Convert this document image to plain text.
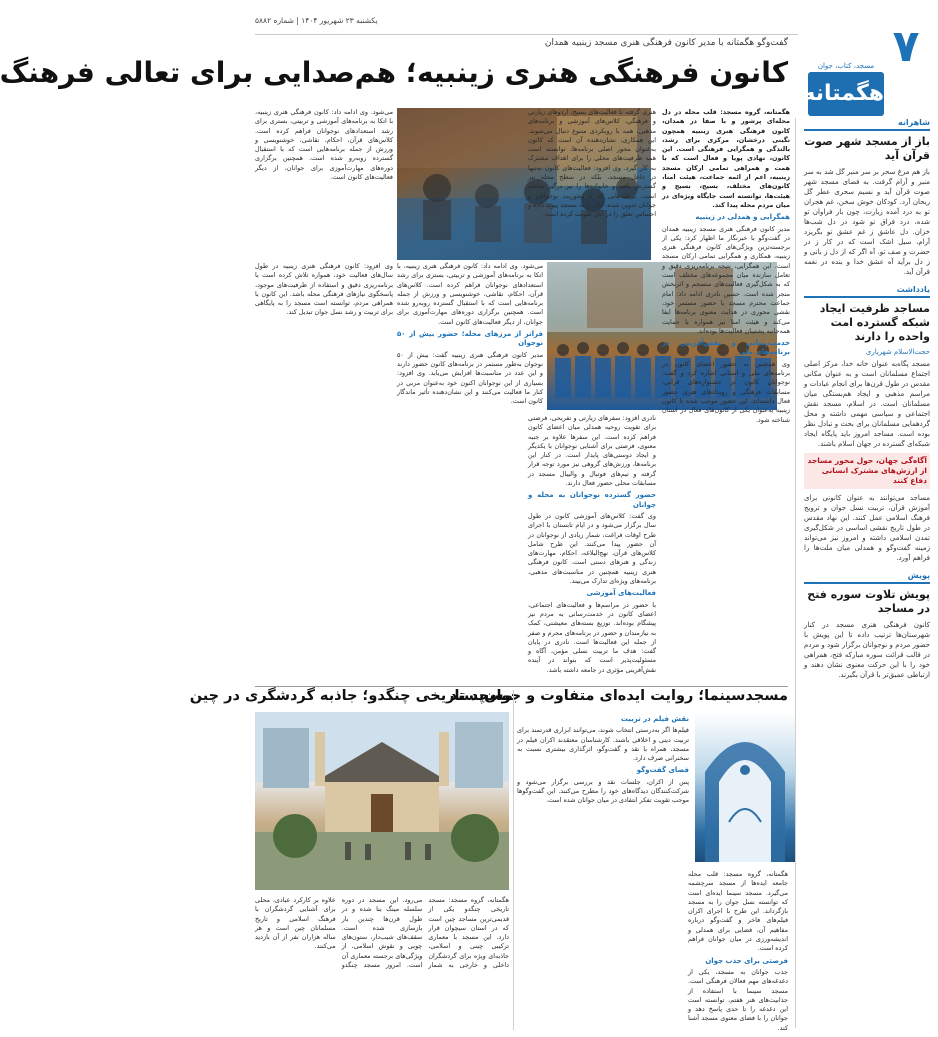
یکشنبه ۲۳ شهریور ۱۴۰۴ | شماره ۵۸۸۲
گفت‌وگو هگمتانه با مدیر کانون فرهنگی هنری مسجد زینبیه همدان ۷
مسجد، کتاب، جوان
هگمتانه
کانون فرهنگی هنری زینبیه؛ هم‌صدایی برای تعالی فرهنگ
شاهرانه
باز از مسجد شهر صوت قرآن آید
باز هم مرغ سحر بر سر منبر گل شد به سر منبر و آرام گرفت. به فضای مسجد شهر صوت قرآن آید و نسیم سحری عطر گل ریحان آرد. کودکان خوش سخن، غم هجران تو به درد آمده زیارت، چون بار فراوان تو شده، درد فراق تو شود در دل شب‌ها خزان. دل عاشق ز غم عشق تو بگریزد آرام، سیل اشک است که در کار ز در حضرت و صف تو. آه اگر که از دل ز بانی و ز دل برآید آه عشق خدا و بنده در نغمه قرآن آید.
یادداشت
مساجد ظرفیت ایجاد شبکه گسترده امت واحده را دارند
حجت‌الاسلام شهریاری
مسجد پگاه‌به عنوان خانه خدا، مرکز اصلی اجتماع مسلمانان است و به عنوان مکانی مقدس در طول قرن‌ها برای انجام عبادات و مراسم مذهبی و ایجاد هم‌بستگی میان مسلمانان است. در اسلام، مسجد نقش اجتماعی و سیاسی مهمی داشته و محل گردهمایی مسلمانان برای بحث و تبادل نظر بوده است. مساجد امروز باید پایگاه ایجاد شبکه‌ای گسترده در جهان اسلام باشند.
آگاه‌گی جهان، حول محور مساجد از ارزش‌های مشترک انسانی دفاع کنند
مساجد می‌توانند به عنوان کانونی برای آموزش قرآن، تربیت نسل جوان و ترویج فرهنگ اسلامی عمل کنند. این نهاد مقدس در طول تاریخ نقشی اساسی در شکل‌گیری تمدن اسلامی داشته و امروز نیز می‌تواند زمینه گفت‌وگو و همدلی میان ملت‌ها را فراهم آورد.
پویش
پویش تلاوت سوره فتح در مساجد
کانون فرهنگی هنری مسجد در کنار شهرستان‌ها ترتیب داده تا این پویش با حضور مردم و نوجوانان برگزار شود و مردم در قالب قرائت سوره مبارکه فتح، همراهی خود را با این حرکت معنوی نشان دهند و ارتباطی عمیق‌تر با قرآن بگیرند.
هگمتانه، گروه مسجد: قلب محله در دل محله‌ای پرشور و با صفا در همدان، کانون فرهنگی هنری زینبیه همچون نگینی درخشان، مرکزی برای رشد، بالندگی و همگرایی فرهنگی است. این کانون، نهادی پویا و فعال است که با همت و همراهی تمامی ارکان مسجد زینبیه، اعم از ائمه جماعت، هیئت امنا، کانون‌های مختلف، بسیج، بسیج و هیئت‌ها، توانسته است جایگاه ویژه‌ای در میان مردم محله پیدا کند.
همگرایی و همدلی در زینبیه
مدیر کانون فرهنگی هنری مسجد زینبیه همدان در گفت‌وگو با خبرنگار ما اظهار کرد: یکی از برجسته‌ترین ویژگی‌های کانون فرهنگی هنری زینبیه، همکاری و همگرایی تمامی ارکان مسجد است. این همگرایی، نتیجه برنامه‌ریزی دقیق و تعامل سازنده میان مجموعه‌های مختلف است که به شکل‌گیری فعالیت‌های منسجم و اثربخش منجر شده است. حسین نادری ادامه داد: امام جماعت محترم مسجد با حضور مستمر خود، نقشی محوری در هدایت معنوی برنامه‌ها ایفا می‌کند و هیئت امنا نیز همواره با حمایت همه‌جانبه پشتیبان فعالیت‌ها بوده‌اند.
خدمت‌رسانی و نقش‌آفرینی در برنامه‌های ملی
وی همچنین به حضور اعضای کانون در برنامه‌های ملی و استانی اشاره کرد و گفت: نوجوانان کانون در جشنواره‌های قرآنی، مسابقات فرهنگی و رویدادهای هنری حضور فعال داشته‌اند. این حضور موجب شده تا کانون زینبیه به‌عنوان یکی از کانون‌های فعال در استان شناخته شود.
هنری گرفته تا فعالیت‌های بسیج، اردوهای زیارتی و فرهنگی، کلاس‌های آموزشی و برنامه‌های مذهبی، همه با رویکردی متنوع دنبال می‌شوند. این همکاری، نشان‌دهنده آن است که کانون به‌عنوان محور اصلی برنامه‌ها، توانسته است همه ظرفیت‌های محلی را برای اهداف مشترک به کار گیرد. وی افزود: فعالیت‌های کانون نه‌تنها در داخل مسجد، بلکه در سطح محله نیز گسترش یافته و خانواده‌ها را نیز درگیر ساخته است. برنامه‌هایی که با محوریت نوجوانان و جوانان تدوین شده، آنان را به مسجد پیوند داده و احساس تعلق را در آنان تقویت کرده است.
نادری افزود: سفرهای زیارتی و تفریحی، فرصتی برای تقویت روحیه همدلی میان اعضای کانون فراهم کرده است. این سفرها علاوه بر جنبه معنوی، فرصتی برای آشنایی نوجوانان با یکدیگر و ایجاد دوستی‌های پایدار است. در کنار این برنامه‌ها، ورزش‌های گروهی نیز مورد توجه قرار گرفته و تیم‌های فوتبال و والیبال مسجد در مسابقات محلی حضور فعال دارند.
حضور گسترده نوجوانان به محله و جوانان
وی گفت: کلاس‌های آموزشی کانون در طول سال برگزار می‌شود و در ایام تابستان با اجرای طرح اوقات فراغت، شمار زیادی از نوجوانان در آن حضور پیدا می‌کنند. این طرح شامل کلاس‌های قرآن، نهج‌البلاغه، احکام، مهارت‌های زندگی و هنرهای دستی است. کانون فرهنگی هنری زینبیه همچنین در مناسبت‌های مذهبی، برنامه‌های ویژه‌ای تدارک می‌بیند.
فعالیت‌های آموزشی
با حضور در مراسم‌ها و فعالیت‌های اجتماعی، اعضای کانون در خدمت‌رسانی به مردم نیز پیشگام بوده‌اند. توزیع بسته‌های معیشتی، کمک به نیازمندان و حضور در برنامه‌های محرم و صفر از جمله این فعالیت‌ها است. نادری در پایان گفت: هدف ما تربیت نسلی مؤمن، آگاه و مسئولیت‌پذیر است که بتواند در آینده نقش‌آفرینی مؤثری در جامعه داشته باشد.
می‌شود. وی ادامه داد: کانون فرهنگی هنری زینبیه، با اتکا به برنامه‌های آموزشی و تربیتی، بستری برای رشد استعدادهای نوجوانان فراهم کرده است. کلاس‌های قرآن، احکام، نقاشی، خوشنویسی و ورزش از جمله برنامه‌هایی است که با استقبال گسترده روبه‌رو شده است. همچنین برگزاری دوره‌های مهارت‌آموزی برای جوانان، از دیگر فعالیت‌های کانون است.
فراتر از مرزهای محله؛ حضور بیش از ۵۰ نوجوان
مدیر کانون فرهنگی هنری زینبیه گفت: بیش از ۵۰ نوجوان به‌طور مستمر در برنامه‌های کانون حضور دارند و این عدد در مناسبت‌ها افزایش می‌یابد. وی افزود: بسیاری از این نوجوانان اکنون خود به‌عنوان مربی در کنار ما فعالیت می‌کنند و این نشان‌دهنده تأثیر ماندگار کانون است.
وی افزود: کانون فرهنگی هنری زینبیه در طول سال‌های فعالیت خود، همواره تلاش کرده است با برنامه‌ریزی دقیق و استفاده از ظرفیت‌های موجود، پاسخگوی نیازهای فرهنگی محله باشد. این کانون با همراهی مردم، توانسته است مسجد را به پایگاهی برای تربیت و رشد نسل جوان تبدیل کند.
می‌شود. وی ادامه داد: کانون فرهنگی هنری زینبیه، با اتکا به برنامه‌های آموزشی و تربیتی، بستری برای رشد استعدادهای نوجوانان فراهم کرده است. کلاس‌های قرآن، احکام، نقاشی، خوشنویسی و ورزش از جمله برنامه‌هایی است که با استقبال گسترده روبه‌رو شده است. همچنین برگزاری دوره‌های مهارت‌آموزی برای جوانان، از دیگر فعالیت‌های کانون است.
مسجد‌سینما؛ روایت ایده‌ای متفاوت و جوان‌پسند
هگمتانه، گروه مسجد: قلب محله جامعه ایده‌ها از مسجد سرچشمه می‌گیرد. مسجد سینما ایده‌ای است که توانسته نسل جوان را به مسجد بازگرداند. این طرح با اجرای اکران فیلم‌های فاخر و گفت‌وگو درباره مفاهیم آن، فضایی برای همدلی و اندیشه‌ورزی در میان جوانان فراهم کرده است.
فرصتی برای جذب جوان
جذب جوانان به مسجد، یکی از دغدغه‌های مهم فعالان فرهنگی است. مسجد سینما با استفاده از جذابیت‌های هنر هفتم، توانسته است این دغدغه را تا حدی پاسخ دهد و جوانان را با فضای معنوی مسجد آشنا کند.
نقش فیلم در تربیت
فیلم‌ها اگر به‌درستی انتخاب شوند، می‌توانند ابزاری قدرتمند برای تربیت دینی و اخلاقی باشند. کارشناسان معتقدند اکران فیلم در مسجد، همراه با نقد و گفت‌وگو، اثرگذاری بیشتری نسبت به سخنرانی صرف دارد.
فضای گفت‌وگو
پس از اکران، جلسات نقد و بررسی برگزار می‌شود و شرکت‌کنندگان دیدگاه‌های خود را مطرح می‌کنند. این گفت‌وگوها موجب تقویت تفکر انتقادی در میان جوانان شده است.
مسجد تاریخی چنگدو؛ جاذبه گردشگری در چین
هگمتانه، گروه مسجد: مسجد تاریخی چنگدو یکی از قدیمی‌ترین مساجد چین است که در استان سیچوان قرار دارد. این مسجد با معماری ترکیبی چینی و اسلامی، جاذبه‌ای ویژه برای گردشگران داخلی و خارجی به شمار می‌رود. این مسجد در دوره سلسله مینگ بنا شده و در طول قرن‌ها چندین بار بازسازی شده است. سقف‌های شیب‌دار، ستون‌های چوبی و نقوش اسلامی، از ویژگی‌های برجسته معماری آن است. امروز مسجد چنگدو علاوه بر کارکرد عبادی، محلی برای آشنایی گردشگران با فرهنگ اسلامی و تاریخ مسلمانان چین است و هر ساله هزاران نفر از آن بازدید می‌کنند.
